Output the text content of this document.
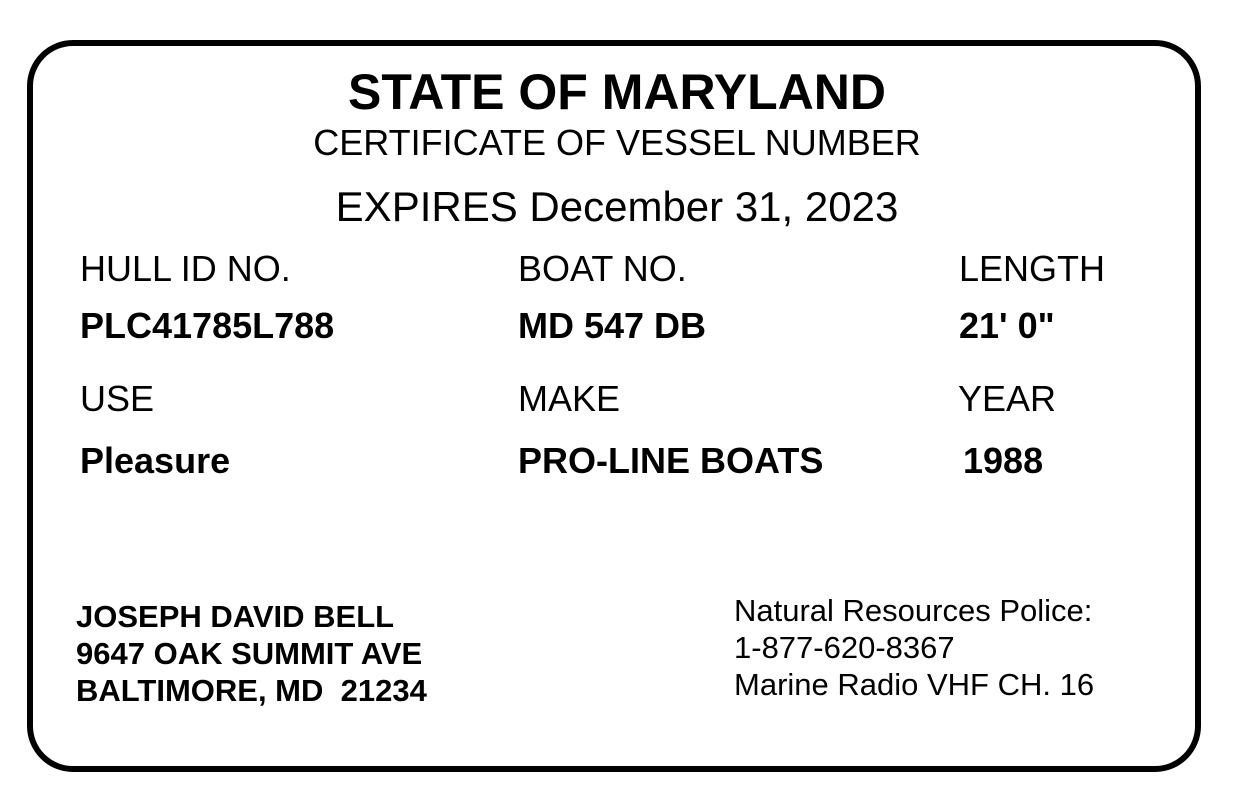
STATE OF MARYLAND
CERTIFICATE OF VESSEL NUMBER
EXPIRES December 31, 2023
HULL ID NO.	BOAT NO.	LENGTH
PLC41785L788	MD 547 DB	21' 0"
USE	MAKE	YEAR
Pleasure	PRO-LINE BOATS	1988
JOSEPH DAVID BELL
9647 OAK SUMMIT AVE
BALTIMORE, MD  21234
Natural Resources Police:
1-877-620-8367
Marine Radio VHF CH. 16
